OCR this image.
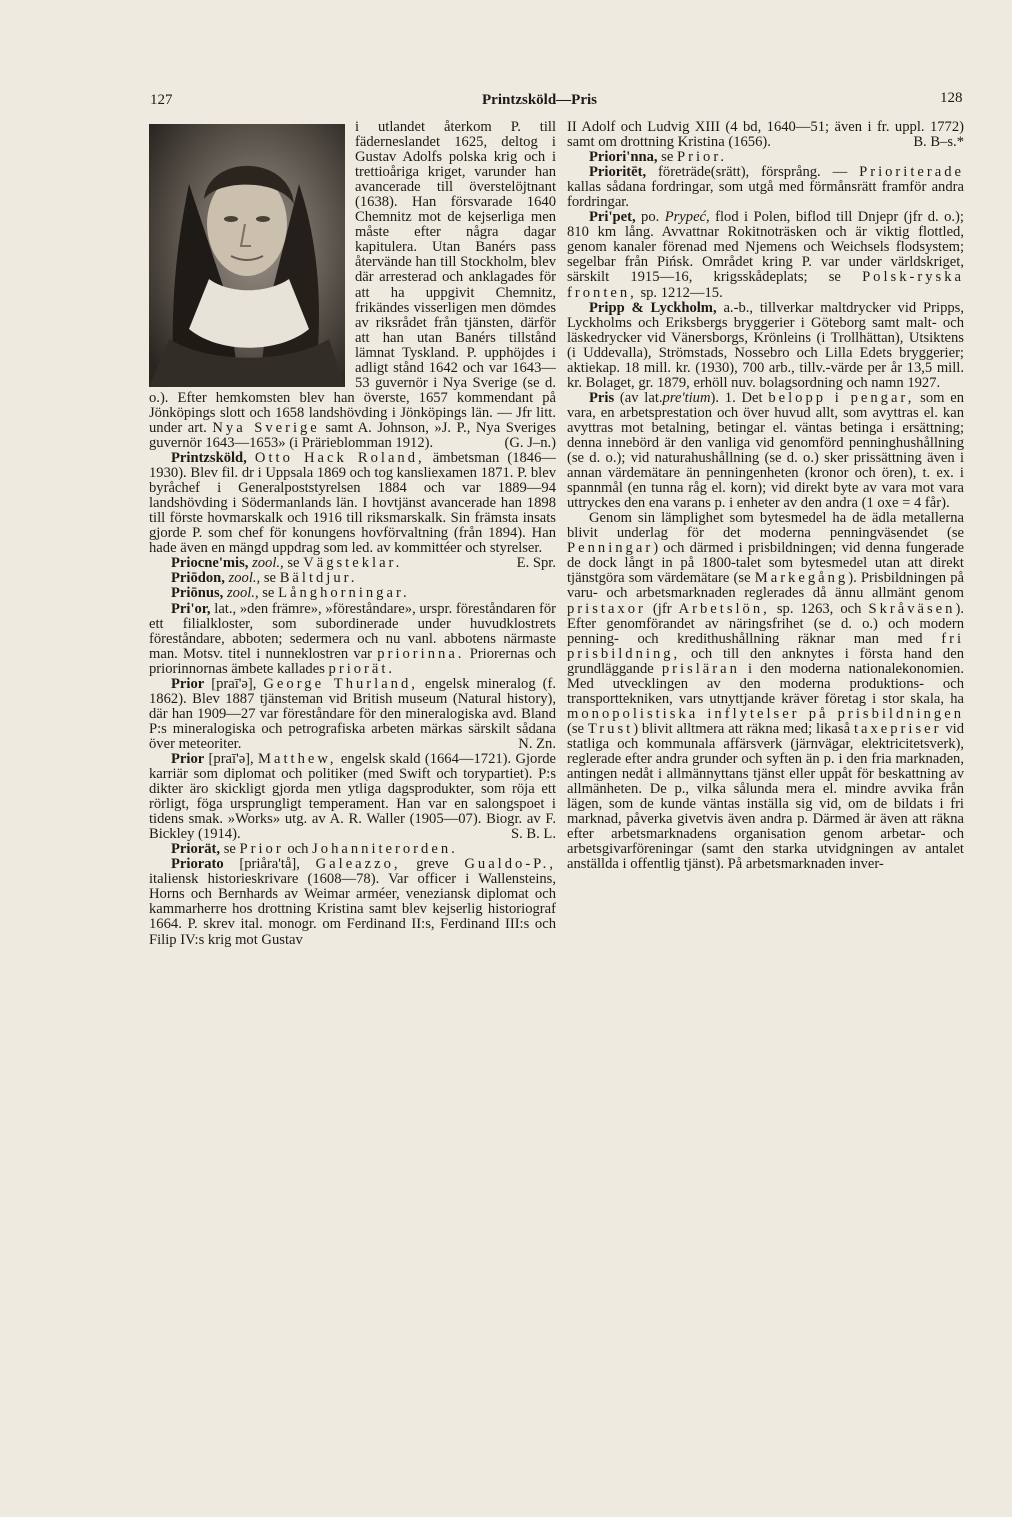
127	Printzsköld—Pris	128

i utlandet återkom P. till fäderneslandet 1625, deltog i Gustav Adolfs polska krig och i trettioåriga kriget, varunder han avancerade till överstelöjtnant (1638). Han försvarade 1640 Chemnitz mot de kejserliga men måste efter några dagar kapitulera. Utan Banérs pass återvände han till Stockholm, blev där arresterad och anklagades för att ha uppgivit Chemnitz, frikändes visserligen men dömdes av riksrådet från tjänsten, därför att han utan Banérs tillstånd lämnat Tyskland. P. upphöjdes i adligt stånd 1642 och var 1643—53 guvernör i Nya Sverige (se d. o.). Efter hemkomsten blev han överste, 1657 kommendant på Jönköpings slott och 1658 landshövding i Jönköpings län. — Jfr litt. under art. Nya Sverige samt A. Johnson, »J. P., Nya Sveriges guvernör 1643—1653» (i Prärieblomman 1912).	(G. J–n.)

Printzsköld, Otto Hack Roland, ämbetsman (1846—1930). Blev fil. dr i Uppsala 1869 och tog kansliexamen 1871. P. blev byråchef i Generalpoststyrelsen 1884 och var 1889—94 landshövding i Södermanlands län. I hovtjänst avancerade han 1898 till förste hovmarskalk och 1916 till riksmarskalk. Sin främsta insats gjorde P. som chef för konungens hovförvaltning (från 1894). Han hade även en mängd uppdrag som led. av kommittéer och styrelser.
E. Spr.

Priocne'mis, zool., se Vägsteklar.

Priōdon, zool., se Bältdjur.

Priōnus, zool., se Långhorningar.

Pri'or, lat., »den främre», »föreståndare», urspr. föreståndaren för ett filialkloster, som subordinerade under huvudklostrets föreståndare, abboten; sedermera och nu vanl. abbotens närmaste man. Motsv. titel i nunneklostren var priorinna. Priorernas och priorinnornas ämbete kallades priorät.

Prior [praī'ə], George Thurland, engelsk mineralog (f. 1862). Blev 1887 tjänsteman vid British museum (Natural history), där han 1909—27 var föreståndare för den mineralogiska avd. Bland P:s mineralogiska och petrografiska arbeten märkas särskilt sådana över meteoriter.	N. Zn.

Prior [praī'ə], Matthew, engelsk skald (1664—1721). Gjorde karriär som diplomat och politiker (med Swift och torypartiet). P:s dikter äro skickligt gjorda men ytliga dagsprodukter, som röja ett rörligt, föga ursprungligt temperament. Han var en salongspoet i tidens smak. »Works» utg. av A. R. Waller (1905—07). Biogr. av F. Bickley (1914).	S. B. L.

Priorät, se Prior och Johanniterorden.

Priorato [priåra'tå], Galeazzo, greve Gualdo-P., italiensk historieskrivare (1608—78). Var officer i Wallensteins, Horns och Bernhards av Weimar arméer, veneziansk diplomat och kammarherre hos drottning Kristina samt blev kejserlig historiograf 1664. P. skrev ital. monogr. om Ferdinand II:s, Ferdinand III:s och Filip IV:s krig mot Gustav

II Adolf och Ludvig XIII (4 bd, 1640—51; även i fr. uppl. 1772) samt om drottning Kristina (1656).	B. B–s.*

Priori'nna, se Prior.

Prioritēt, företräde(srätt), försprång. — Prioriterade kallas sådana fordringar, som utgå med förmånsrätt framför andra fordringar.

Pri'pet, po. Prypeć, flod i Polen, biflod till Dnjepr (jfr d. o.); 810 km lång. Avvattnar Rokitnoträsken och är viktig flottled, genom kanaler förenad med Njemens och Weichsels flodsystem; segelbar från Pińsk. Området kring P. var under världskriget, särskilt 1915—16, krigsskådeplats; se Polsk-ryska fronten, sp. 1212—15.

Pripp & Lyckholm, a.-b., tillverkar maltdrycker vid Pripps, Lyckholms och Eriksbergs bryggerier i Göteborg samt malt- och läskedrycker vid Vänersborgs, Krönleins (i Trollhättan), Utsiktens (i Uddevalla), Strömstads, Nossebro och Lilla Edets bryggerier; aktiekap. 18 mill. kr. (1930), 700 arb., tillv.-värde per år 13,5 mill. kr. Bolaget, gr. 1879, erhöll nuv. bolagsordning och namn 1927.

Pris (av lat.pre'tium). 1. Det belopp i pengar, som en vara, en arbetsprestation och över huvud allt, som avyttras el. kan avyttras mot betalning, betingar el. väntas betinga i ersättning; denna innebörd är den vanliga vid genomförd penninghushållning (se d. o.); vid naturahushållning (se d. o.) sker prissättning även i annan värdemätare än penningenheten (kronor och ören), t. ex. i spannmål (en tunna råg el. korn); vid direkt byte av vara mot vara uttryckes den ena varans p. i enheter av den andra (1 oxe = 4 får).

Genom sin lämplighet som bytesmedel ha de ädla metallerna blivit underlag för det moderna penningväsendet (se Penningar) och därmed i prisbildningen; vid denna fungerade de dock långt in på 1800-talet som bytesmedel utan att direkt tjänstgöra som värdemätare (se Markegång). Prisbildningen på varu- och arbetsmarknaden reglerades då ännu allmänt genom pristaxor (jfr Arbetslön, sp. 1263, och Skråväsen). Efter genomförandet av näringsfrihet (se d. o.) och modern penning- och kredithushållning räknar man med fri prisbildning, och till den anknytes i första hand den grundläggande prisläran i den moderna nationalekonomien. Med utvecklingen av den moderna produktions- och transporttekniken, vars utnyttjande kräver företag i stor skala, ha monopolistiska inflytelser på prisbildningen (se Trust) blivit alltmera att räkna med; likaså taxepriser vid statliga och kommunala affärsverk (järnvägar, elektricitetsverk), reglerade efter andra grunder och syften än p. i den fria marknaden, antingen nedåt i allmännyttans tjänst eller uppåt för beskattning av allmänheten. De p., vilka sålunda mera el. mindre avvika från lägen, som de kunde väntas inställa sig vid, om de bildats i fri marknad, påverka givetvis även andra p. Därmed är även att räkna efter arbetsmarknadens organisation genom arbetar- och arbetsgivarföreningar (samt den starka utvidgningen av antalet anställda i offentlig tjänst). På arbetsmarknaden inver-
